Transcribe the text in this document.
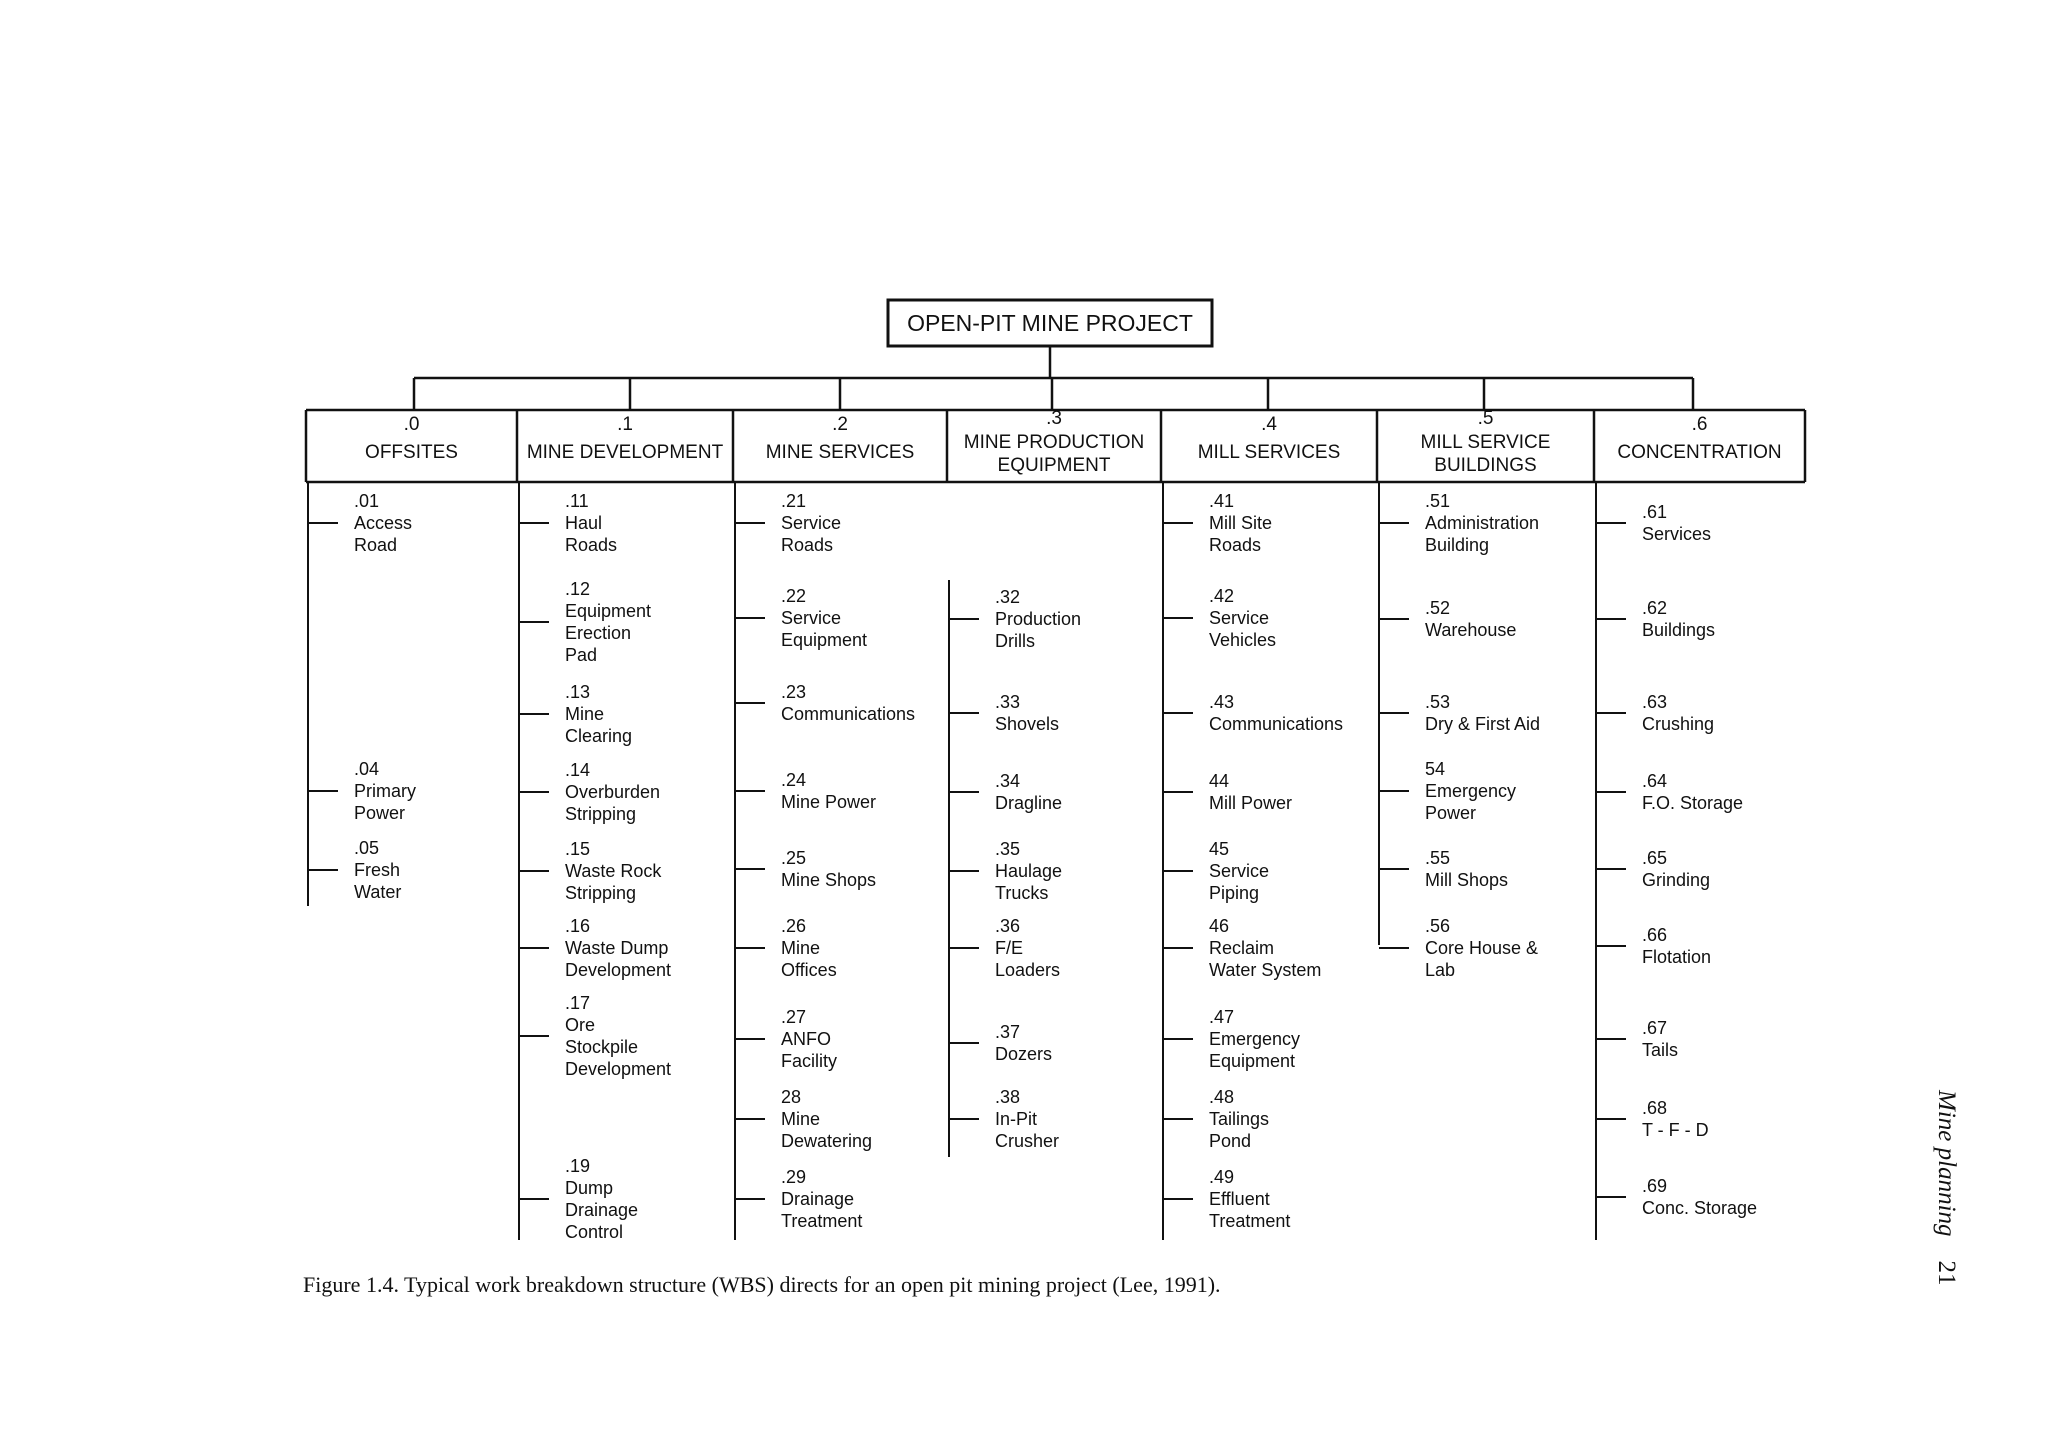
OPEN-PIT MINE PROJECT
.0
OFFSITES
.01
Access
Road
.04
Primary
Power
.05
Fresh
Water
.1
MINE DEVELOPMENT
.11
Haul
Roads
.12
Equipment
Erection
Pad
.13
Mine
Clearing
.14
Overburden
Stripping
.15
Waste Rock
Stripping
.16
Waste Dump
Development
.17
Ore
Stockpile
Development
.19
Dump
Drainage
Control
.2
MINE SERVICES
.21
Service
Roads
.22
Service
Equipment
.23
Communications
.24
Mine Power
.25
Mine Shops
.26
Mine
Offices
.27
ANFO
Facility
28
Mine
Dewatering
.29
Drainage
Treatment
.3
MINE PRODUCTION
EQUIPMENT
.32
Production
Drills
.33
Shovels
.34
Dragline
.35
Haulage
Trucks
.36
F/E
Loaders
.37
Dozers
.38
In-Pit
Crusher
.4
MILL SERVICES
.41
Mill Site
Roads
.42
Service
Vehicles
.43
Communications
44
Mill Power
45
Service
Piping
46
Reclaim
Water System
.47
Emergency
Equipment
.48
Tailings
Pond
.49
Effluent
Treatment
.5
MILL SERVICE
BUILDINGS
.51
Administration
Building
.52
Warehouse
.53
Dry & First Aid
54
Emergency
Power
.55
Mill Shops
.56
Core House &
Lab
.6
CONCENTRATION
.61
Services
.62
Buildings
.63
Crushing
.64
F.O. Storage
.65
Grinding
.66
Flotation
.67
Tails
.68
T - F - D
.69
Conc. Storage
Figure 1.4. Typical work breakdown structure (WBS) directs for an open pit mining project (Lee, 1991).
Mine planning21
